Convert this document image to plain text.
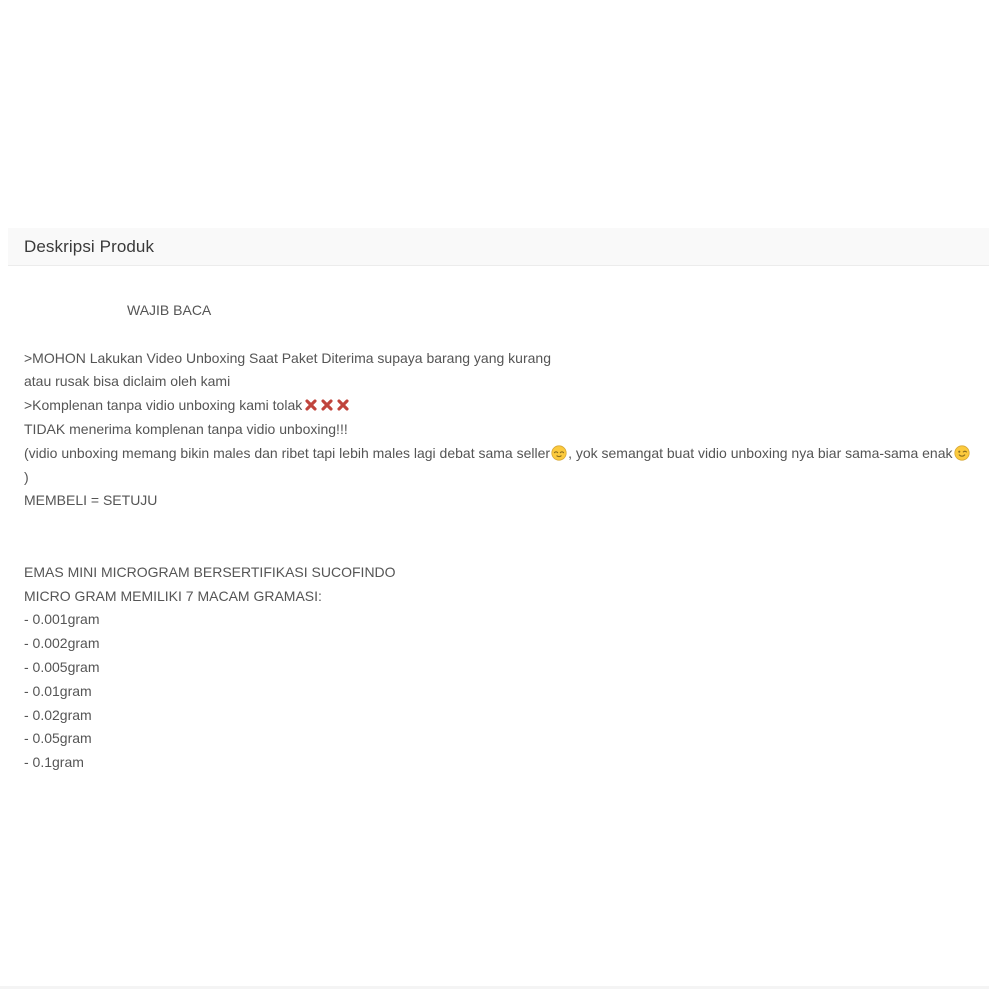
Deskripsi Produk
WAJIB BACA
>MOHON Lakukan Video Unboxing Saat Paket Diterima supaya barang yang kurang
atau rusak bisa diclaim oleh kami
>Komplenan tanpa vidio unboxing kami tolak
TIDAK menerima komplenan tanpa vidio unboxing!!!
(vidio unboxing memang bikin males dan ribet tapi lebih males lagi debat sama seller , yok semangat buat vidio unboxing nya biar sama-sama enak)
MEMBELI = SETUJU
EMAS MINI MICROGRAM BERSERTIFIKASI SUCOFINDO
MICRO GRAM MEMILIKI 7 MACAM GRAMASI:
- 0.001gram
- 0.002gram
- 0.005gram
- 0.01gram
- 0.02gram
- 0.05gram
- 0.1gram
